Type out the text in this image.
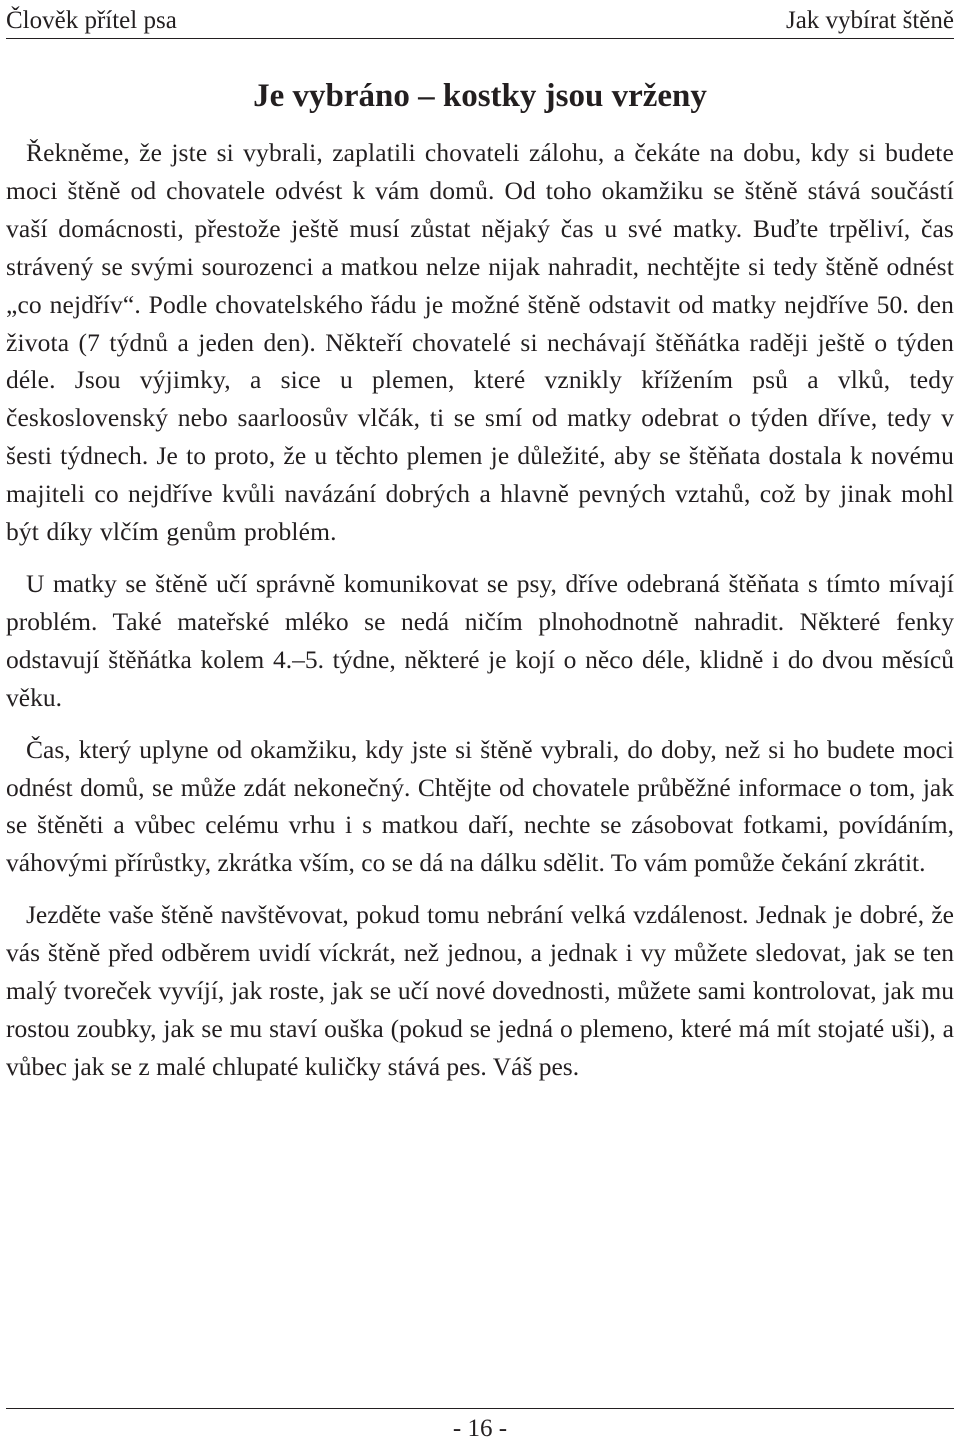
Člověk přítel psa	Jak vybírat štěně
Je vybráno – kostky jsou vrženy

Řekněme, že jste si vybrali, zaplatili chovateli zálohu, a čekáte na dobu, kdy si budete moci štěně od chovatele odvést k vám domů. Od toho okamžiku se štěně stává součástí vaší domácnosti, přestože ještě musí zůstat nějaký čas u své matky. Buďte trpěliví, čas strávený se svými sourozenci a matkou nelze nijak nahradit, nechtějte si tedy štěně odnést „co nejdřív“. Podle chovatelského řádu je možné štěně odstavit od matky nejdříve 50. den života (7 týdnů a jeden den). Někteří chovatelé si nechávají štěňátka raději ještě o týden déle. Jsou výjimky, a sice u plemen, které vznikly křížením psů a vlků, tedy československý nebo saarloosův vlčák, ti se smí od matky odebrat o týden dříve, tedy v šesti týdnech. Je to proto, že u těchto plemen je důležité, aby se štěňata dostala k novému majiteli co nejdříve kvůli navázání dobrých a hlavně pevných vztahů, což by jinak mohl být díky vlčím genům problém.

U matky se štěně učí správně komunikovat se psy, dříve odebraná štěňata s tímto mívají problém. Také mateřské mléko se nedá ničím plnohodnotně nahradit. Některé fenky odstavují štěňátka kolem 4.–5. týdne, některé je kojí o něco déle, klidně i do dvou měsíců věku.

Čas, který uplyne od okamžiku, kdy jste si štěně vybrali, do doby, než si ho budete moci odnést domů, se může zdát nekonečný. Chtějte od chovatele průběžné informace o tom, jak se štěněti a vůbec celému vrhu i s matkou daří, nechte se zásobovat fotkami, povídáním, váhovými přírůstky, zkrátka vším, co se dá na dálku sdělit. To vám pomůže čekání zkrátit.

Jezděte vaše štěně navštěvovat, pokud tomu nebrání velká vzdálenost. Jednak je dobré, že vás štěně před odběrem uvidí víckrát, než jednou, a jednak i vy můžete sledovat, jak se ten malý tvoreček vyvíjí, jak roste, jak se učí nové dovednosti, můžete sami kontrolovat, jak mu rostou zoubky, jak se mu staví ouška (pokud se jedná o plemeno, které má mít stojaté uši), a vůbec jak se z malé chlupaté kuličky stává pes. Váš pes.

- 16 -
